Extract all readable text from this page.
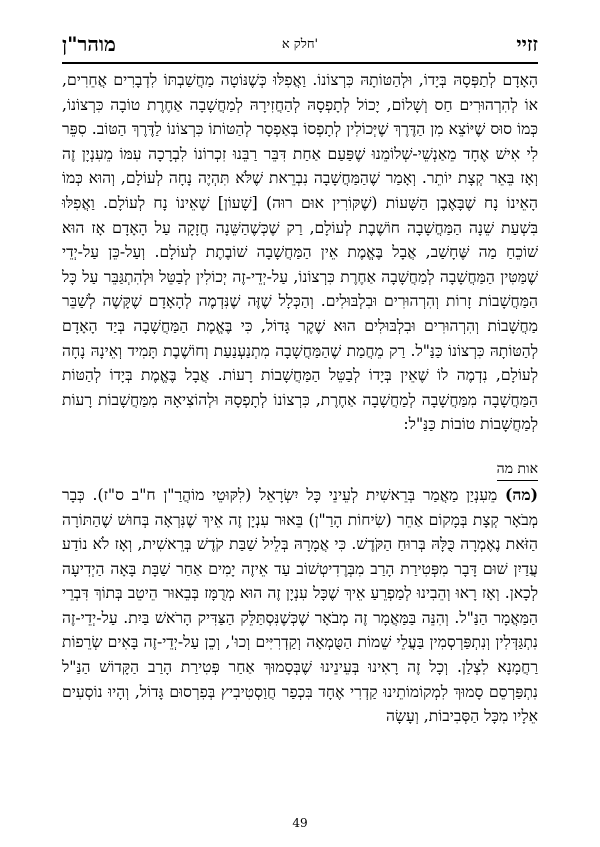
זזיי
חלק א'
מוהר"ן

הָאָדָם לְתַפְּסָהּ בְּיָדוֹ, וּלְהַטּוֹתָהּ כִּרְצוֹנוֹ. וַאֲפִלּוּ כְּשֶׁנּוֹטָה מַחֲשַׁבְתּוֹ לִדְבָרִים אֲחֵרִים, אוֹ לְהִרְהוּרִים חַס וְשָׁלוֹם, יָכוֹל לְתָפְסָהּ לְהַחֲזִירָהּ לְמַחֲשָׁבָה אַחֶרֶת טוֹבָה כִּרְצוֹנוֹ, כְּמוֹ סוּס שֶׁיּוֹצֵא מִן הַדֶּרֶךְ שֶׁיְּכוֹלִין לְתָפְסוֹ בְּאַפְסָר לְהַטּוֹתוֹ כִּרְצוֹנוֹ לַדֶּרֶךְ הַטּוֹב. סִפֵּר לִי אִישׁ אֶחָד מֵאַנְשֵׁי-שְׁלוֹמֵנוּ שֶׁפַּעַם אַחַת דִּבֵּר רַבֵּנוּ זִכְרוֹנוֹ לִבְרָכָה עִמּוֹ מֵעִנְיָן זֶה וְאָז בֵּאֵר קְצָת יוֹתֵר. וְאָמַר שֶׁהַמַּחֲשָׁבָה נִבְרֵאת שֶׁלֹּא תִּהְיֶה נָחָה לְעוֹלָם, וְהוּא כְּמוֹ הָאֵינוֹ נָח שֶׁבָּאֶבֶן הַשָּׁעוֹת (שֶׁקּוֹרִין אוּם רוּה) [שָׁעוֹן] שֶׁאֵינוֹ נָח לְעוֹלָם. וַאֲפִלּוּ בִּשְׁעַת שֵׁנָה הַמַּחֲשָׁבָה חוֹשֶׁבֶת לְעוֹלָם, רַק שֶׁכְּשֶׁהַשֵּׁנָה חֲזָקָה עַל הָאָדָם אָז הוּא שׁוֹכֵחַ מַה שֶּׁחָשַׁב, אֲבָל בֶּאֱמֶת אֵין הַמַּחֲשָׁבָה שׁוֹבֶתֶת לְעוֹלָם. וְעַל-כֵּן עַל-יְדֵי שֶׁמַּטִּין הַמַּחֲשָׁבָה לְמַחֲשָׁבָה אַחֶרֶת כִּרְצוֹנוֹ, עַל-יְדֵי-זֶה יְכוֹלִין לְבַטֵּל וּלְהִתְגַּבֵּר עַל כָּל הַמַּחֲשָׁבוֹת זָרוֹת וְהִרְהוּרִים וּבִלְבּוּלִים. וְהַכְּלָל שֶׁזֶּה שֶׁנִּדְמֶה לְהָאָדָם שֶׁקָּשֶׁה לְשַׁבֵּר מַחֲשָׁבוֹת וְהִרְהוּרִים וּבִלְבּוּלִים הוּא שֶׁקֶר גָּדוֹל, כִּי בֶּאֱמֶת הַמַּחֲשָׁבָה בְּיַד הָאָדָם לְהַטּוֹתָהּ כִּרְצוֹנוֹ כַּנַּ"ל. רַק מֵחֲמַת שֶׁהַמַּחֲשָׁבָה מִתְנַעְנַעַת וְחוֹשֶׁבֶת תָּמִיד וְאֵינָהּ נָחָה לְעוֹלָם, נִדְמֶה לוֹ שֶׁאֵין בְּיָדוֹ לְבַטֵּל הַמַּחֲשָׁבוֹת רָעוֹת. אֲבָל בֶּאֱמֶת בְּיָדוֹ לְהַטּוֹת הַמַּחֲשָׁבָה מִמַּחֲשָׁבָה לְמַחֲשָׁבָה אַחֶרֶת, כִּרְצוֹנוֹ לְתָפְסָהּ וּלְהוֹצִיאָהּ מִמַּחֲשָׁבוֹת רָעוֹת לְמַחֲשָׁבוֹת טוֹבוֹת כַּנַּ"ל:

אות מה

(מה) מֵעִנְיַן מַאֲמַר בְּרֵאשִׁית לְעֵינֵי כָּל יִשְׂרָאֵל (לִקּוּטֵי מוֹהֲרַ"ן ח"ב ס"ז). כְּבָר מְבֹאָר קְצָת בְּמָקוֹם אַחֵר (שִׂיחוֹת הָרַ"ן) בֵּאוּר עִנְיָן זֶה אֵיךְ שֶׁנִּרְאָה בְּחוּשׁ שֶׁהַתּוֹרָה הַזֹּאת נֶאֶמְרָה כֻּלָּהּ בְּרוּחַ הַקֹּדֶשׁ. כִּי אֲמָרָהּ בְּלֵיל שַׁבַּת קֹדֶשׁ בְּרֵאשִׁית, וְאָז לֹא נוֹדַע עֲדַיִן שׁוּם דָּבָר מִפְּטִירַת הָרַב מִבְּרֶדִיטְשׁוֹב עַד אֵיזֶה יָמִים אַחַר שַׁבָּת בָּאָה הַיְדִיעָה לְכָאן. וְאָז רָאוּ וְהֵבִינוּ לְמַפְרֵעַ אֵיךְ שֶׁכָּל עִנְיָן זֶה הוּא מְרֻמָּז בְּבֵאוּר הֵיטֵב בְּתוֹךְ דִּבְרֵי הַמַּאֲמָר הַנַּ"ל. וְהִנֵּה בַּמַּאֲמָר זֶה מְבֹאָר שֶׁכְּשֶׁנִּסְתַּלֵּק הַצַּדִּיק הָרֹאשׁ בַּיִת. עַל-יְדֵי-זֶה נִתְגַּדְּלִין וְנִתְפַּרְסְמִין בַּעֲלֵי שֵׁמוֹת הַטֻּמְאָה וְקַדְרִיִּים וְכוּ', וְכֵן עַל-יְדֵי-זֶה בָּאִים שְׂרֵפוֹת רַחֲמָנָא לִצְלַן. וְכָל זֶה רָאִינוּ בְּעֵינֵינוּ שֶׁבְּסָמוּךְ אַחַר פְּטִירַת הָרַב הַקָּדוֹשׁ הַנַּ"ל נִתְפַּרְסֵם סָמוּךְ לִמְקוֹמוֹתֵינוּ קַדְרִי אֶחָד בִּכְפַר חֲוַסְטִיבִיץ בְּפִרְסוּם גָּדוֹל, וְהָיוּ נוֹסְעִים אֵלָיו מִכָּל הַסְּבִיבוֹת, וְעָשָׂה

49
